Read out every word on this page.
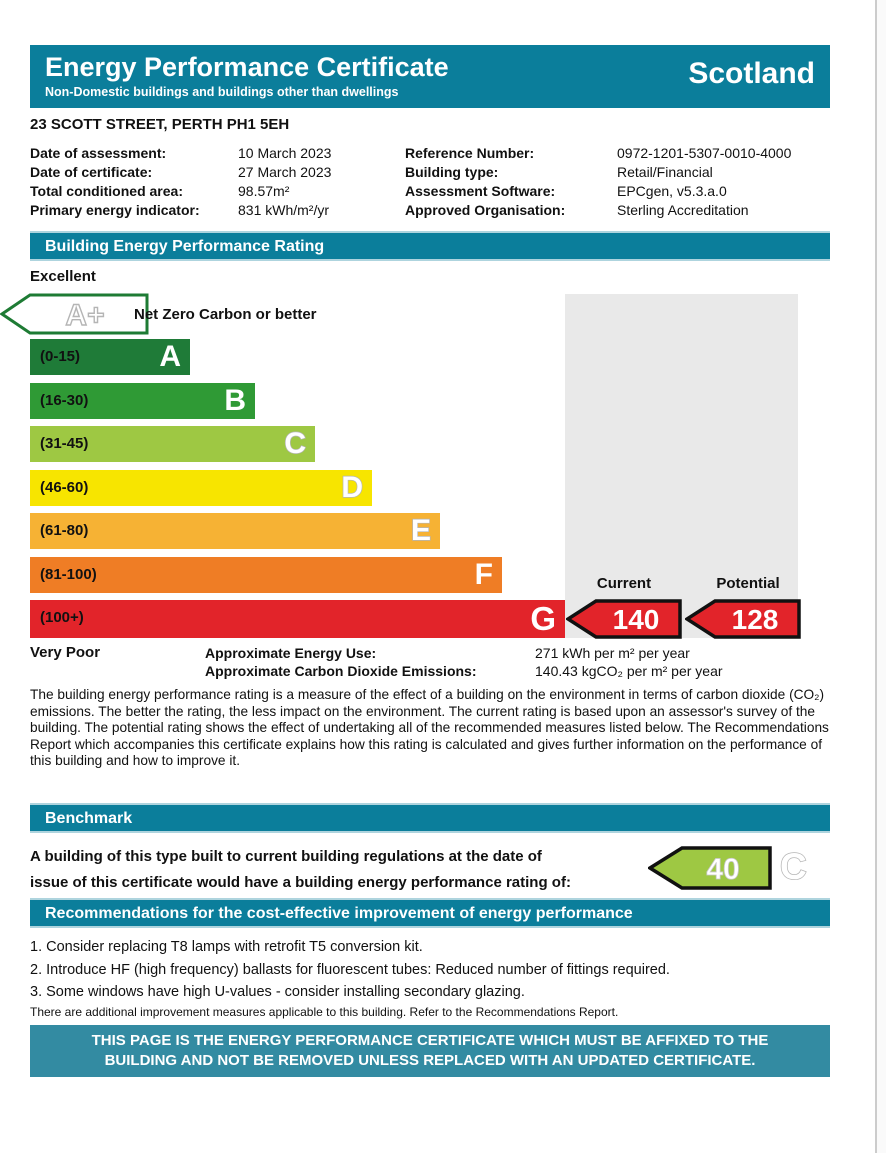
Energy Performance Certificate
Non-Domestic buildings and buildings other than dwellings
Scotland
23 SCOTT STREET, PERTH PH1 5EH
Date of assessment:	10 March 2023	Reference Number:	0972-1201-5307-0010-4000
Date of certificate:	27 March 2023	Building type:	Retail/Financial
Total conditioned area:	98.57m²	Assessment Software:	EPCgen, v5.3.a.0
Primary energy indicator:	831 kWh/m²/yr	Approved Organisation:	Sterling Accreditation
Building Energy Performance Rating
Excellent
A+ Net Zero Carbon or better
(0-15)	A
(16-30)	B
(31-45)	C
(46-60)	D
(61-80)	E
(81-100)	F
(100+)	G
Current	Potential
140	128
Very Poor	Approximate Energy Use:	271 kWh per m² per year
Approximate Carbon Dioxide Emissions:	140.43 kgCO₂ per m² per year
The building energy performance rating is a measure of the effect of a building on the environment in terms of carbon dioxide (CO₂) emissions. The better the rating, the less impact on the environment. The current rating is based upon an assessor's survey of the building. The potential rating shows the effect of undertaking all of the recommended measures listed below. The Recommendations Report which accompanies this certificate explains how this rating is calculated and gives further information on the performance of this building and how to improve it.
Benchmark
A building of this type built to current building regulations at the date of
issue of this certificate would have a building energy performance rating of:	40 C
Recommendations for the cost-effective improvement of energy performance
1. Consider replacing T8 lamps with retrofit T5 conversion kit.
2. Introduce HF (high frequency) ballasts for fluorescent tubes: Reduced number of fittings required.
3. Some windows have high U-values - consider installing secondary glazing.
There are additional improvement measures applicable to this building. Refer to the Recommendations Report.
THIS PAGE IS THE ENERGY PERFORMANCE CERTIFICATE WHICH MUST BE AFFIXED TO THE
BUILDING AND NOT BE REMOVED UNLESS REPLACED WITH AN UPDATED CERTIFICATE.
